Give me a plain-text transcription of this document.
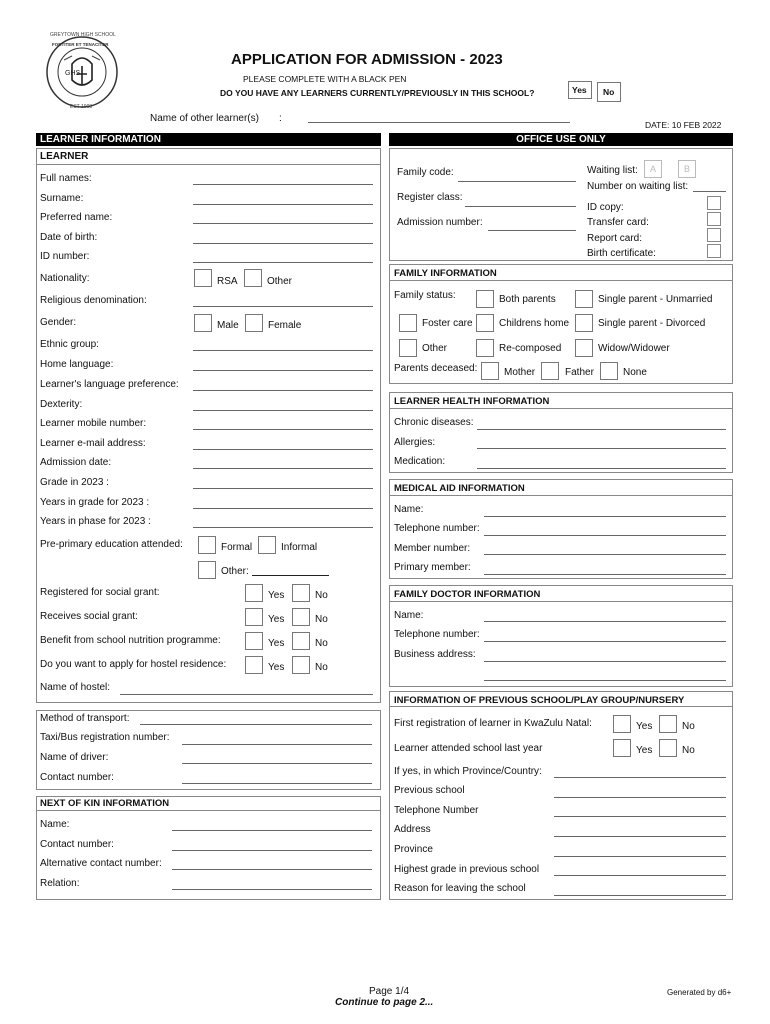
GREYTOWN HIGH SCHOOL
FORTITER ET TENACITER
EST 1903
GHS
APPLICATION FOR ADMISSION - 2023
PLEASE COMPLETE WITH A BLACK PEN
DO YOU HAVE ANY LEARNERS CURRENTLY/PREVIOUSLY IN THIS SCHOOL?	Yes No
Name of other learner(s) :
DATE: 10 FEB 2022
LEARNER INFORMATION
LEARNER
Full names:
Surname:
Preferred name:
Date of birth:
ID number:
Nationality:	RSA	Other
Religious denomination:
Gender:	Male	Female
Ethnic group:
Home language:
Learner's language preference:
Dexterity:
Learner mobile number:
Learner e-mail address:
Admission date:
Grade in 2023 :
Years in grade for 2023 :
Years in phase for 2023 :
Pre-primary education attended:	Formal	Informal
Other:
Registered for social grant:	Yes	No
Receives social grant:	Yes	No
Benefit from school nutrition programme:	Yes	No
Do you want to apply for hostel residence:	Yes	No
Name of hostel:
Method of transport:
Taxi/Bus registration number:
Name of driver:
Contact number:
NEXT OF KIN INFORMATION
Name:
Contact number:
Alternative contact number:
Relation:
OFFICE USE ONLY
Family code:
Register class:
Admission number:
Waiting list:	A	B
Number on waiting list:
ID copy:
Transfer card:
Report card:
Birth certificate:
FAMILY INFORMATION
Family status:	Both parents	Single parent - Unmarried
Foster care	Childrens home	Single parent - Divorced
Other	Re-composed	Widow/Widower
Parents deceased:	Mother	Father	None
LEARNER HEALTH INFORMATION
Chronic diseases:
Allergies:
Medication:
MEDICAL AID INFORMATION
Name:
Telephone number:
Member number:
Primary member:
FAMILY DOCTOR INFORMATION
Name:
Telephone number:
Business address:
INFORMATION OF PREVIOUS SCHOOL/PLAY GROUP/NURSERY
First registration of learner in KwaZulu Natal:	Yes	No
Learner attended school last year	Yes	No
If yes, in which Province/Country:
Previous school
Telephone Number
Address
Province
Highest grade in previous school
Reason for leaving the school
Page 1/4
Continue to page 2...
Generated by d6+
